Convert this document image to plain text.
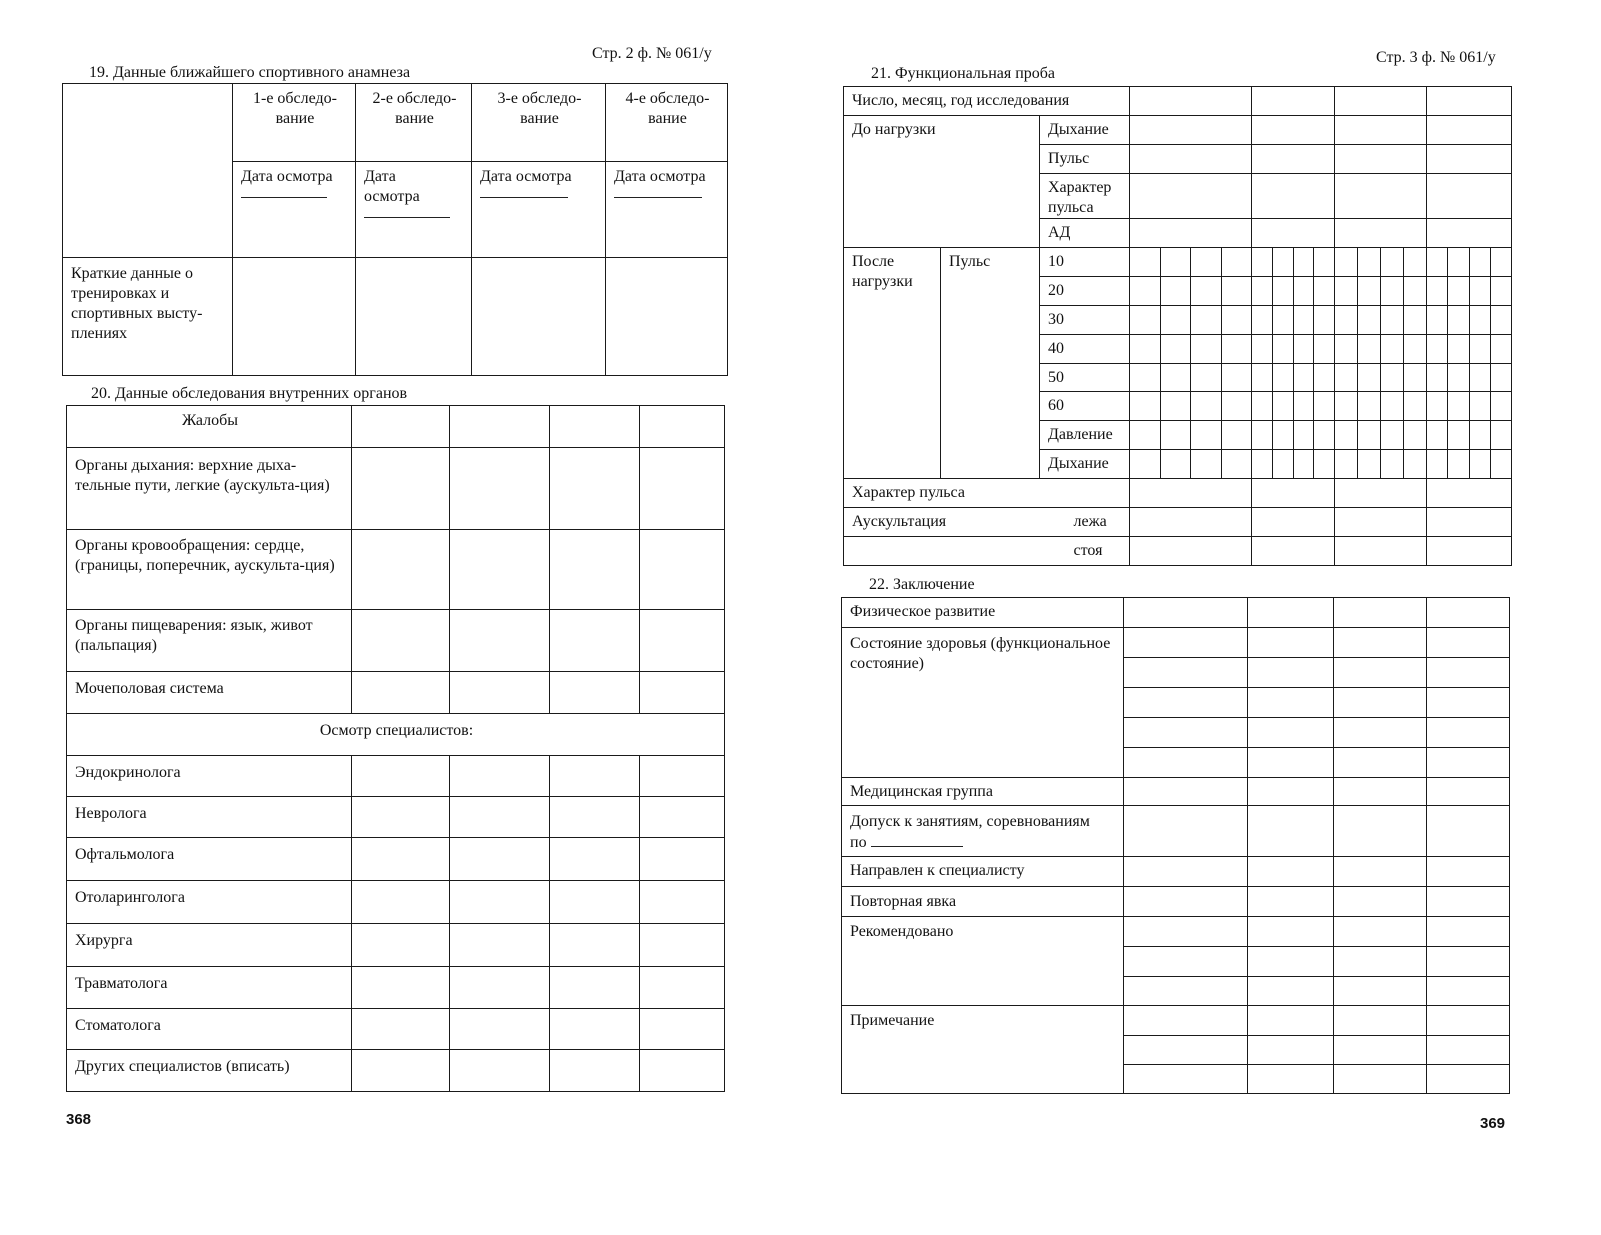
Стр. 2 ф. № 061/у
19. Данные ближайшего спортивного анамнеза

	1-е обследо-вание	2-е обследо-вание	3-е обследо-вание	4-е обследо-вание

	Дата осмотра	Дата осмотра	Дата осмотра	Дата осмотра

Краткие данные о тренировках и спортивных высту-плениях				

20. Данные обследования внутренних органов
Жалобы				

Органы дыхания: верхние дыха-тельные пути, легкие (аускульта-ция)				

Органы кровообращения: сердце, (границы, поперечник, аускульта-ция)				

Органы пищеварения: язык, живот (пальпация)				

Мочеполовая система				

Осмотр специалистов:				

Эндокринолога				

Невролога				

Офтальмолога				

Отоларинголога				

Хирурга				

Травматолога				

Стоматолога				

Других специалистов (вписать)				

368
Стр. 3 ф. № 061/у
21. Функциональная проба
Число, месяц, год исследования																		

До нагрузки		Дыхание																

		Пульс																

		Характер пульса																

		АД																

После нагрузки	Пульс	10																

		20																

		30																

		40																

		50																

		60																

		Давление																

		Дыхание																

Характер пульса																		

Аускультация		лежа																

		стоя																

22. Заключение
Физическое развитие				

Состояние здоровья (функциональное состояние)				

Медицинская группа				

Допуск к занятиям, соревнованиям по				

Направлен к специалисту				

Повторная явка				

Рекомендовано				

Примечание				

369
